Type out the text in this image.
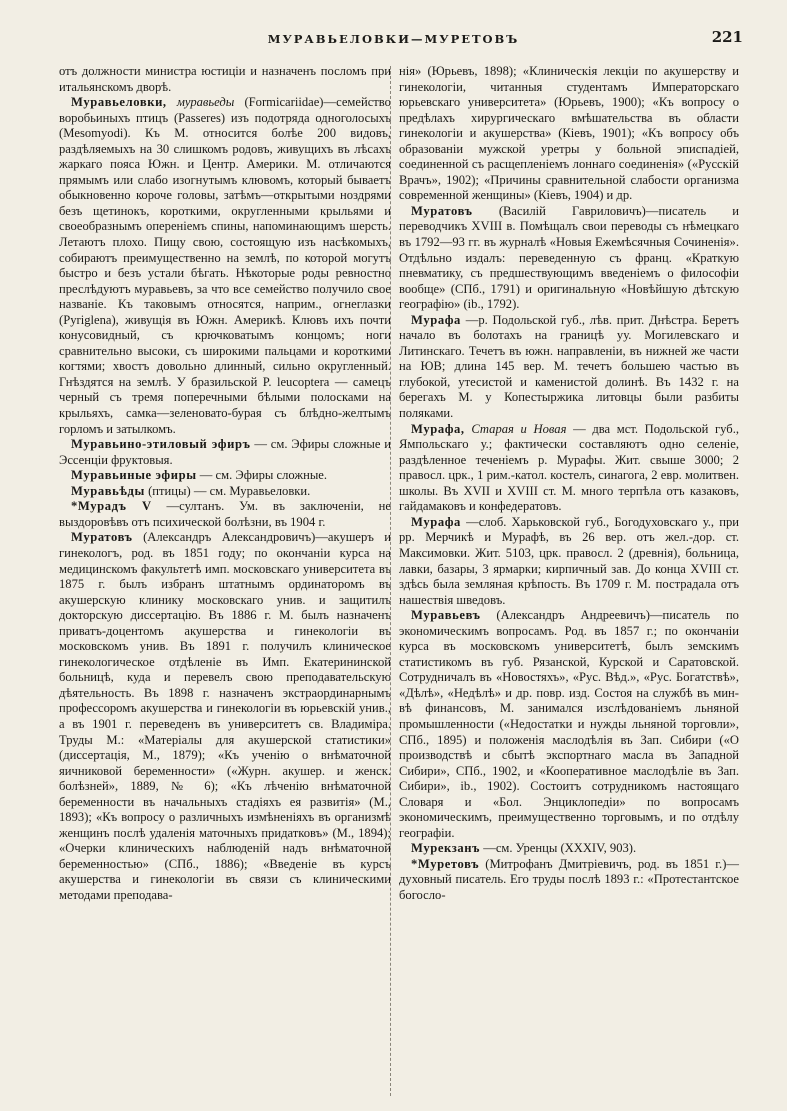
МУРАВЬЕЛОВКИ—МУРЕТОВЪ	221

отъ должности министра юстиціи и назначенъ посломъ при итальянскомъ дворѣ.

Муравьеловки, муравьеды (Formicariidae)—семейство воробьиныхъ птицъ (Passeres) изъ подотряда одноголосыхъ (Mesomyodi). Къ М. относится болѣе 200 видовъ, раздѣляемыхъ на 30 слишкомъ родовъ, живущихъ въ лѣсахъ жаркаго пояса Южн. и Центр. Америки. М. отличаются прямымъ или слабо изогнутымъ клювомъ, который бываетъ обыкновенно короче головы, затѣмъ—открытыми ноздрями безъ щетинокъ, короткими, округленными крыльями и своеобразнымъ опереніемъ спины, напоминающимъ шерсть. Летаютъ плохо. Пищу свою, состоящую изъ насѣкомыхъ, собираютъ преимущественно на землѣ, по которой могутъ быстро и безъ устали бѣгать. Нѣкоторые роды ревностно преслѣдуютъ муравьевъ, за что все семейство получило свое названіе. Къ таковымъ относятся, наприм., огнеглазки (Pyriglena), живущія въ Южн. Америкѣ. Клювъ ихъ почти конусовидный, съ крючковатымъ концомъ; ноги сравнительно высоки, съ широкими пальцами и короткими когтями; хвостъ довольно длинный, сильно округленный. Гнѣздятся на землѣ. У бразильской P. leucoptera — самецъ черный съ тремя поперечными бѣлыми полосками на крыльяхъ, самка—зеленовато-бурая съ блѣдно-желтымъ горломъ и затылкомъ.

Муравьино-этиловый эфиръ — см. Эфиры сложные и Эссенціи фруктовыя.

Муравьиные эфиры — см. Эфиры сложные.

Муравьѣды (птицы) — см. Муравьеловки.

*Мурадъ V —султанъ. Ум. въ заключеніи, не выздоровѣвъ отъ психической болѣзни, въ 1904 г.

Муратовъ (Александръ Александровичъ)—акушеръ и гинекологъ, род. въ 1851 году; по окончаніи курса на медицинскомъ факультетѣ имп. московскаго университета въ 1875 г. былъ избранъ штатнымъ ординаторомъ въ акушерскую клинику московскаго унив. и защитилъ докторскую диссертацію. Въ 1886 г. М. былъ назначенъ приватъ-доцентомъ акушерства и гинекологіи въ московскомъ унив. Въ 1891 г. получилъ клиническое гинекологическое отдѣленіе въ Имп. Екатерининской больницѣ, куда и перевелъ свою преподавательскую дѣятельность. Въ 1898 г. назначенъ экстраординарнымъ профессоромъ акушерства и гинекологіи въ юрьевскій унив., а въ 1901 г. переведенъ въ университетъ св. Владиміра. Труды М.: «Матеріалы для акушерской статистики» (диссертація, М., 1879); «Къ ученію о внѣматочной яичниковой беременности» («Журн. акушер. и женск. болѣзней», 1889, № 6); «Къ лѣченію внѣматочной беременности въ начальныхъ стадіяхъ ея развитія» (М., 1893); «Къ вопросу о различныхъ измѣненіяхъ въ организмѣ женщинъ послѣ удаленія маточныхъ придатковъ» (М., 1894); «Очерки клиническихъ наблюденій надъ внѣматочной беременностью» (СПб., 1886); «Введеніе въ курсъ акушерства и гинекологіи въ связи съ клиническими методами преподава-

нія» (Юрьевъ, 1898); «Клиническія лекціи по акушерству и гинекологіи, читанныя студентамъ Императорскаго юрьевскаго университета» (Юрьевъ, 1900); «Къ вопросу о предѣлахъ хирургическаго вмѣшательства въ области гинекологіи и акушерства» (Кіевъ, 1901); «Къ вопросу объ образованіи мужской уретры у больной эписпадіей, соединенной съ расщепленіемъ лоннаго соединенія» («Русскій Врачъ», 1902); «Причины сравнительной слабости организма современной женщины» (Кіевъ, 1904) и др.

Муратовъ (Василій Гавриловичъ)—писатель и переводчикъ XVIII в. Помѣщалъ свои переводы съ нѣмецкаго въ 1792—93 гг. въ журналѣ «Новыя Ежемѣсячныя Сочиненія». Отдѣльно издалъ: переведенную съ франц. «Краткую пневматику, съ предшествующимъ введеніемъ о философіи вообще» (СПб., 1791) и оригинальную «Новѣйшую дѣтскую географію» (ib., 1792).

Мурафа —р. Подольской губ., лѣв. прит. Днѣстра. Беретъ начало въ болотахъ на границѣ уу. Могилевскаго и Литинскаго. Течетъ въ южн. направленіи, въ нижней же части на ЮВ; длина 145 вер. М. течетъ большею частью въ глубокой, утесистой и каменистой долинѣ. Въ 1432 г. на берегахъ М. у Копестыржика литовцы были разбиты поляками.

Мурафа, Старая и Новая — два мст. Подольской губ., Ямпольскаго у.; фактически составляютъ одно селеніе, раздѣленное теченіемъ р. Мурафы. Жит. свыше 3000; 2 правосл. црк., 1 рим.-катол. костелъ, синагога, 2 евр. молитвен. школы. Въ XVII и XVIII ст. М. много терпѣла отъ казаковъ, гайдамаковъ и конфедератовъ.

Мурафа —слоб. Харьковской губ., Богодуховскаго у., при рр. Мерчикѣ и Мурафѣ, въ 26 вер. отъ жел.-дор. ст. Максимовки. Жит. 5103, црк. правосл. 2 (древнія), больница, лавки, базары, 3 ярмарки; кирпичный зав. До конца XVIII ст. здѣсь была земляная крѣпость. Въ 1709 г. М. пострадала отъ нашествія шведовъ.

Муравьевъ (Александръ Андреевичъ)—писатель по экономическимъ вопросамъ. Род. въ 1857 г.; по окончаніи курса въ московскомъ университетѣ, былъ земскимъ статистикомъ въ губ. Рязанской, Курской и Саратовской. Сотрудничалъ въ «Новостяхъ», «Рус. Вѣд.», «Рус. Богатствѣ», «Дѣлѣ», «Недѣлѣ» и др. повр. изд. Состоя на службѣ въ мин-вѣ финансовъ, М. занимался изслѣдованіемъ льняной промышленности («Недостатки и нужды льняной торговли», СПб., 1895) и положенія маслодѣлія въ Зап. Сибири («О производствѣ и сбытѣ экспортнаго масла въ Западной Сибири», СПб., 1902, и «Кооперативное маслодѣліе въ Зап. Сибири», ib., 1902). Состоитъ сотрудникомъ настоящаго Словаря и «Бол. Энциклопедіи» по вопросамъ экономическимъ, преимущественно торговымъ, и по отдѣлу географіи.

Мурекзанъ —см. Уренцы (XXXIV, 903).

*Муретовъ (Митрофанъ Дмитріевичъ, род. въ 1851 г.)—духовный писатель. Его труды послѣ 1893 г.: «Протестантское богосло-
